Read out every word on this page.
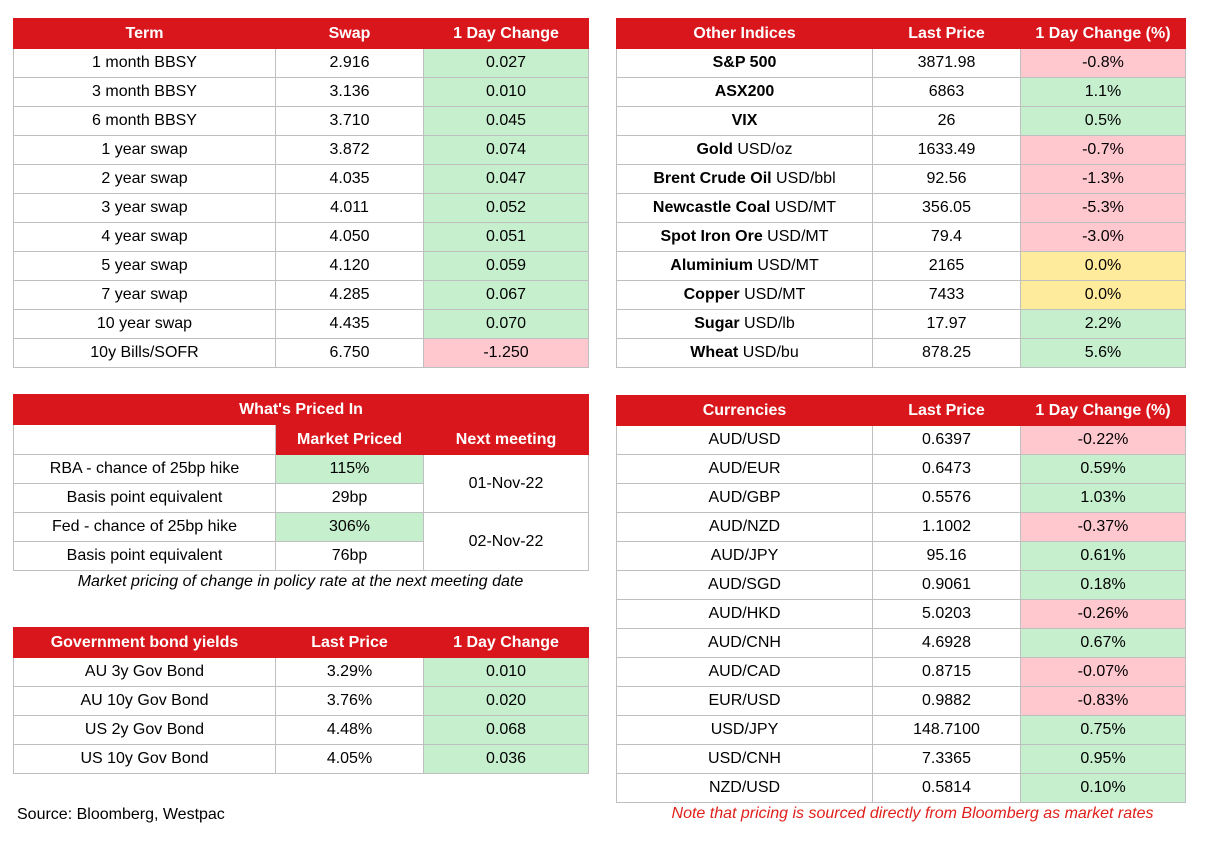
Term	Swap	1 Day Change
1 month BBSY	2.916	0.027
3 month BBSY	3.136	0.010
6 month BBSY	3.710	0.045
1 year swap	3.872	0.074
2 year swap	4.035	0.047
3 year swap	4.011	0.052
4 year swap	4.050	0.051
5 year swap	4.120	0.059
7 year swap	4.285	0.067
10 year swap	4.435	0.070
10y Bills/SOFR	6.750	-1.250
Other Indices	Last Price	1 Day Change (%)
S&P 500	3871.98	-0.8%
ASX200	6863	1.1%
VIX	26	0.5%
Gold USD/oz	1633.49	-0.7%
Brent Crude Oil USD/bbl	92.56	-1.3%
Newcastle Coal USD/MT	356.05	-5.3%
Spot Iron Ore USD/MT	79.4	-3.0%
Aluminium USD/MT	2165	0.0%
Copper USD/MT	7433	0.0%
Sugar USD/lb	17.97	2.2%
Wheat USD/bu	878.25	5.6%
What's Priced In		
	Market Priced	Next meeting
RBA - chance of 25bp hike	115%	01-Nov-22
Basis point equivalent	29bp	
Fed - chance of 25bp hike	306%	02-Nov-22
Basis point equivalent	76bp	
Market pricing of change in policy rate at the next meeting date
Government bond yields	Last Price	1 Day Change
AU 3y Gov Bond	3.29%	0.010
AU 10y Gov Bond	3.76%	0.020
US 2y Gov Bond	4.48%	0.068
US 10y Gov Bond	4.05%	0.036
Currencies	Last Price	1 Day Change (%)
AUD/USD	0.6397	-0.22%
AUD/EUR	0.6473	0.59%
AUD/GBP	0.5576	1.03%
AUD/NZD	1.1002	-0.37%
AUD/JPY	95.16	0.61%
AUD/SGD	0.9061	0.18%
AUD/HKD	5.0203	-0.26%
AUD/CNH	4.6928	0.67%
AUD/CAD	0.8715	-0.07%
EUR/USD	0.9882	-0.83%
USD/JPY	148.7100	0.75%
USD/CNH	7.3365	0.95%
NZD/USD	0.5814	0.10%
Source: Bloomberg, Westpac	Note that pricing is sourced directly from Bloomberg as market rates
